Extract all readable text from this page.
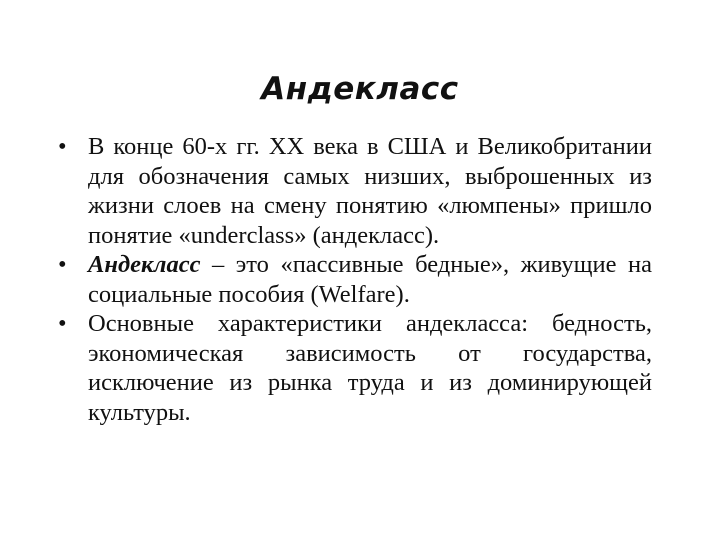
Андекласс
• В конце 60-х гг. XX века в США и Великобритании для обозначения самых низших, выброшенных из жизни слоев на смену понятию «люмпены» пришло понятие «underclass» (андекласс).
• Андекласс – это «пассивные бедные», живущие на социальные пособия (Welfare).
• Основные характеристики андекласса: бедность, экономическая зависимость от государства, исключение из рынка труда и из доминирующей культуры.
